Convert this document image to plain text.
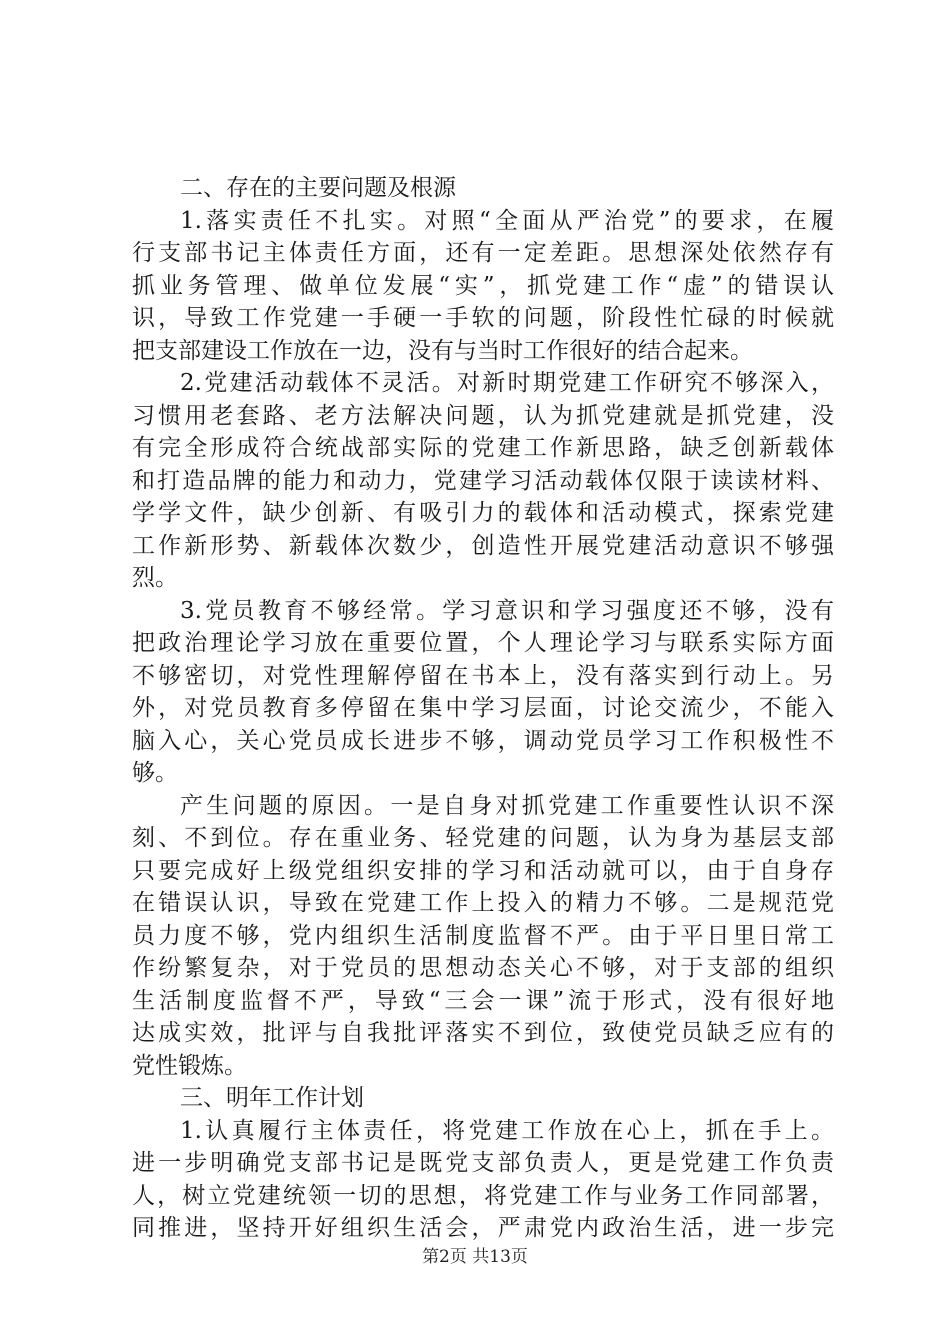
二、存在的主要问题及根源
1.落实责任不扎实。对照“全面从严治党”的要求，在履
行支部书记主体责任方面，还有一定差距。思想深处依然存有
抓业务管理、做单位发展“实”，抓党建工作“虚”的错误认
识，导致工作党建一手硬一手软的问题，阶段性忙碌的时候就
把支部建设工作放在一边，没有与当时工作很好的结合起来。
2.党建活动载体不灵活。对新时期党建工作研究不够深入，
习惯用老套路、老方法解决问题，认为抓党建就是抓党建，没
有完全形成符合统战部实际的党建工作新思路，缺乏创新载体
和打造品牌的能力和动力，党建学习活动载体仅限于读读材料、
学学文件，缺少创新、有吸引力的载体和活动模式，探索党建
工作新形势、新载体次数少，创造性开展党建活动意识不够强
烈。
3.党员教育不够经常。学习意识和学习强度还不够，没有
把政治理论学习放在重要位置，个人理论学习与联系实际方面
不够密切，对党性理解停留在书本上，没有落实到行动上。另
外，对党员教育多停留在集中学习层面，讨论交流少，不能入
脑入心，关心党员成长进步不够，调动党员学习工作积极性不
够。
产生问题的原因。一是自身对抓党建工作重要性认识不深
刻、不到位。存在重业务、轻党建的问题，认为身为基层支部
只要完成好上级党组织安排的学习和活动就可以，由于自身存
在错误认识，导致在党建工作上投入的精力不够。二是规范党
员力度不够，党内组织生活制度监督不严。由于平日里日常工
作纷繁复杂，对于党员的思想动态关心不够，对于支部的组织
生活制度监督不严，导致“三会一课”流于形式，没有很好地
达成实效，批评与自我批评落实不到位，致使党员缺乏应有的
党性锻炼。
三、明年工作计划
1.认真履行主体责任，将党建工作放在心上，抓在手上。
进一步明确党支部书记是既党支部负责人，更是党建工作负责
人，树立党建统领一切的思想，将党建工作与业务工作同部署，
同推进，坚持开好组织生活会，严肃党内政治生活，进一步完
第2页 共13页
